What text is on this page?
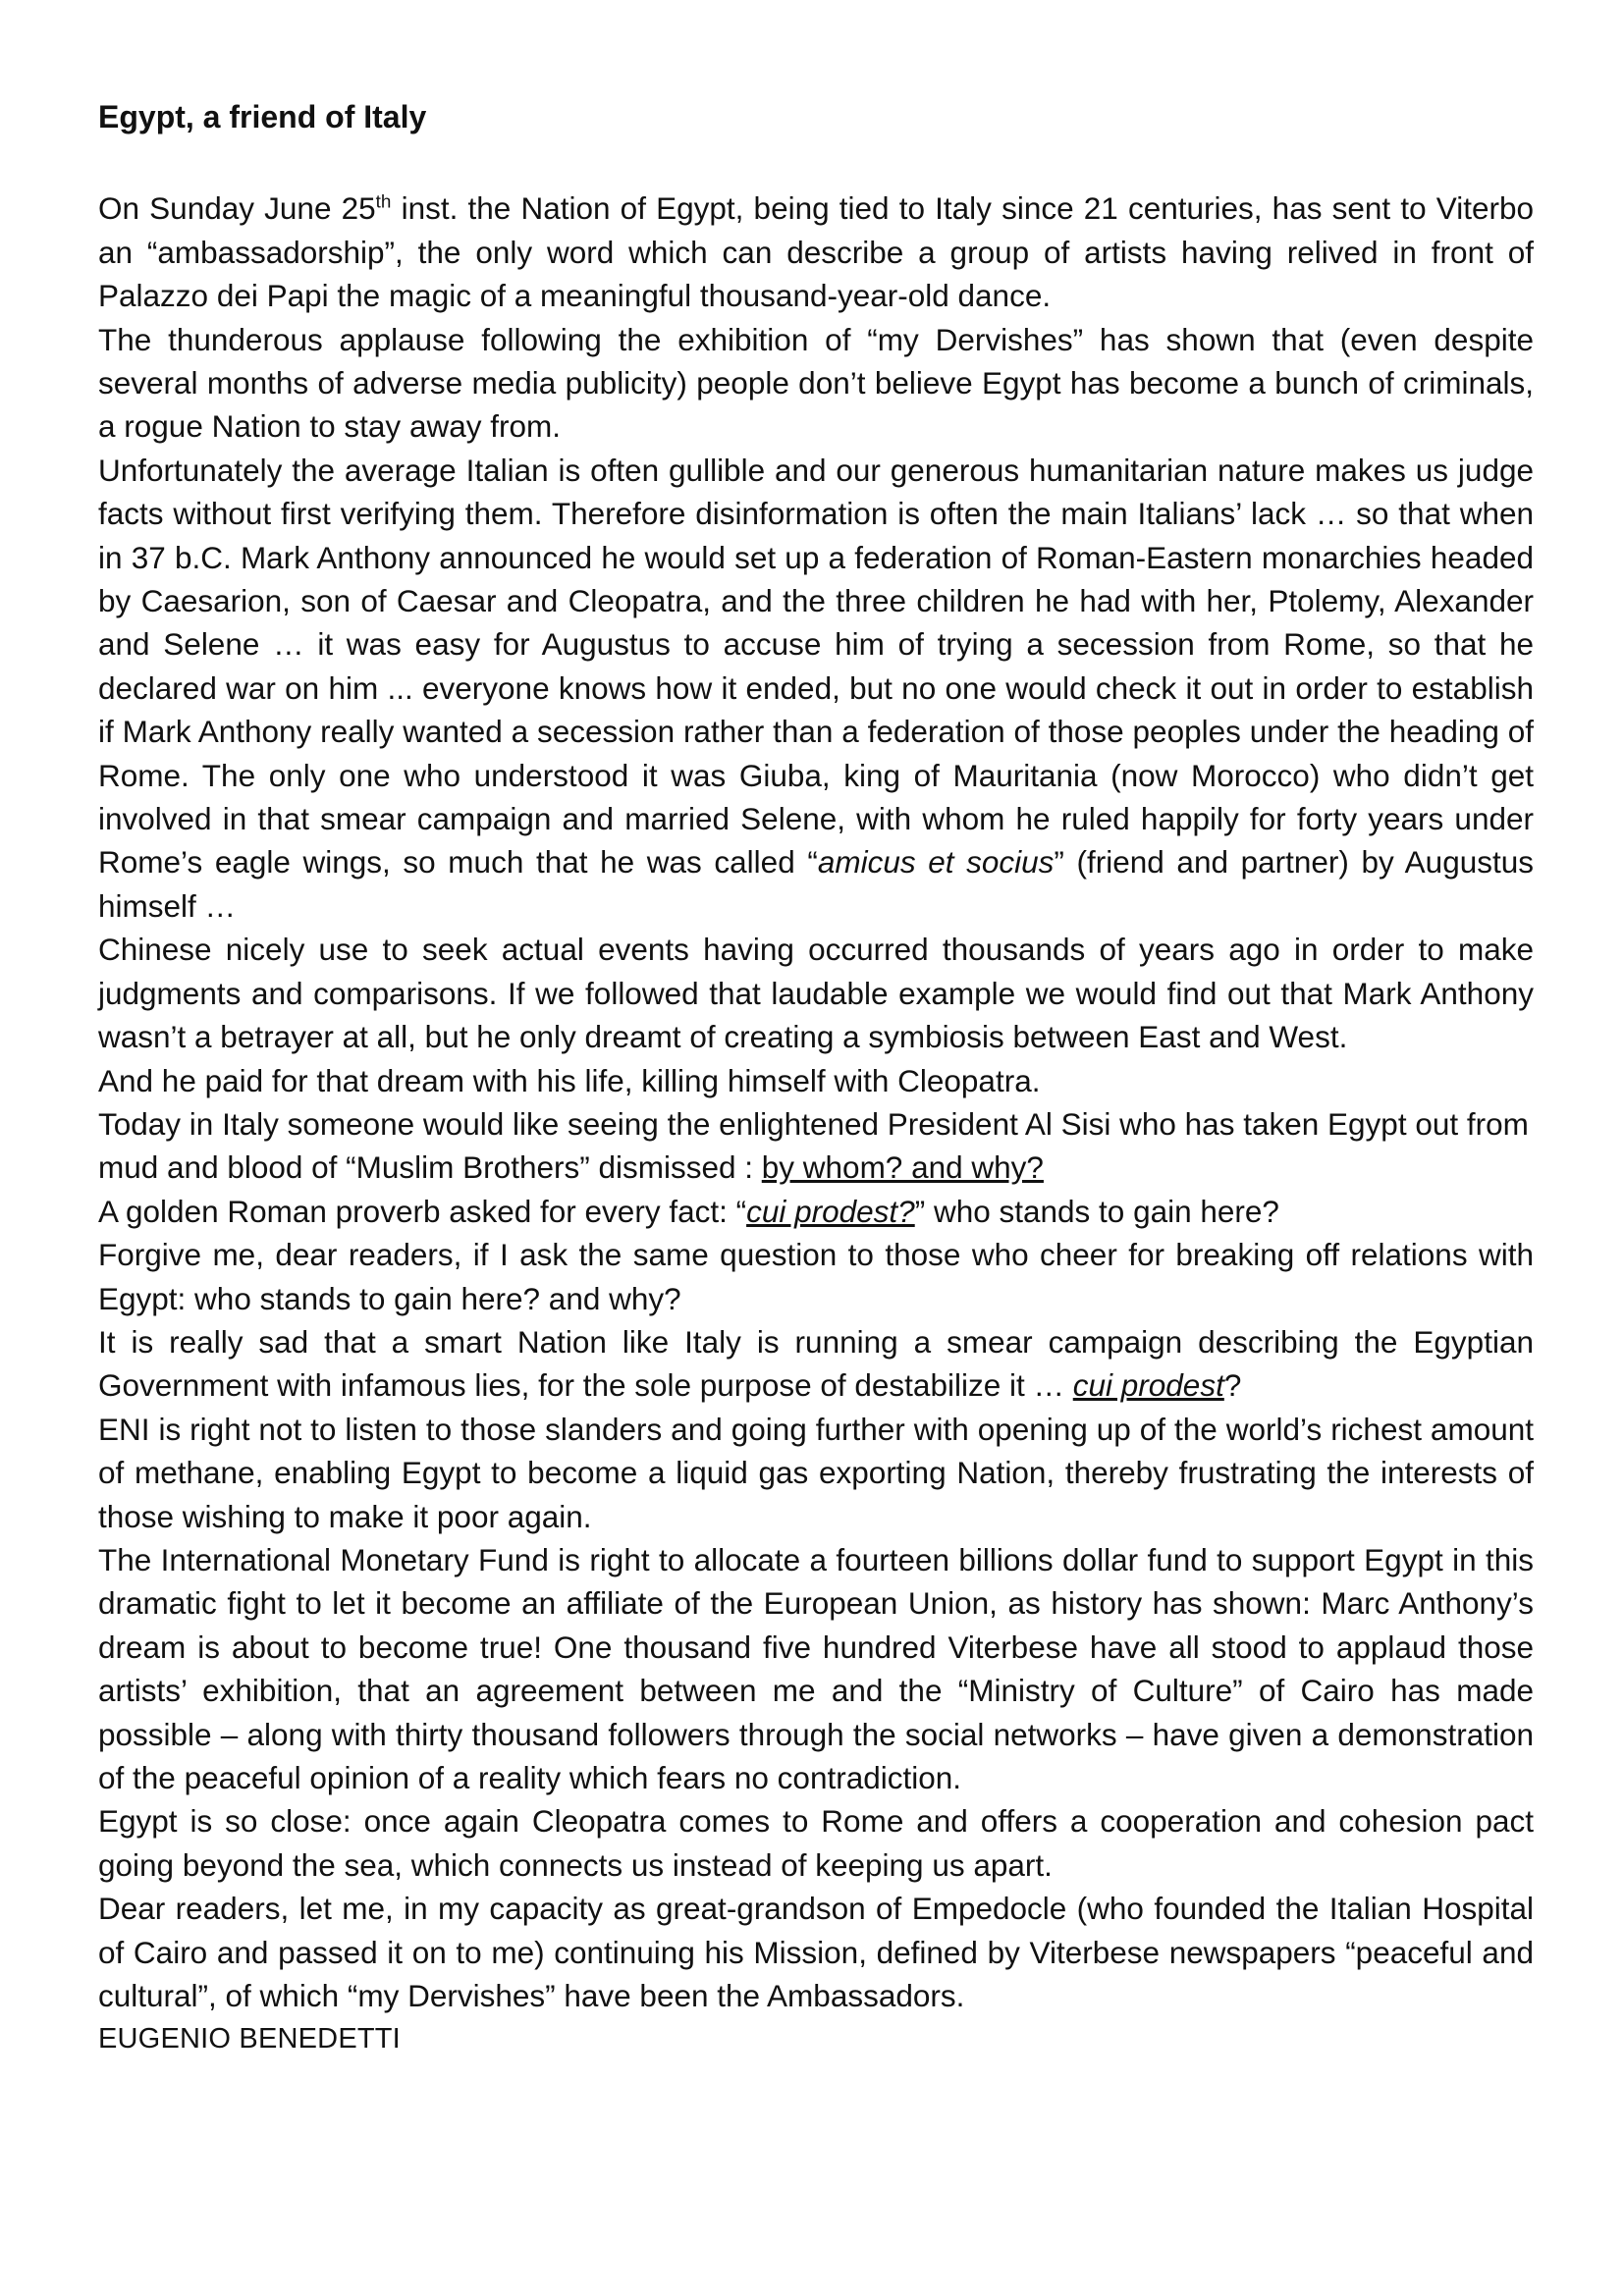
Egypt, a friend of Italy

On Sunday June 25th inst. the Nation of Egypt, being tied to Italy since 21 centuries, has sent to Viterbo an “ambassadorship”, the only word which can describe a group of artists having relived in front of Palazzo dei Papi the magic of a meaningful thousand-year-old dance.

The thunderous applause following the exhibition of “my Dervishes” has shown that (even despite several months of adverse media publicity) people don’t believe Egypt has become a bunch of criminals, a rogue Nation to stay away from.

Unfortunately the average Italian is often gullible and our generous humanitarian nature makes us judge facts without first verifying them. Therefore disinformation is often the main Italians’ lack … so that when in 37 b.C. Mark Anthony announced he would set up a federation of Roman-Eastern monarchies headed by Caesarion, son of Caesar and Cleopatra, and the three children he had with her, Ptolemy, Alexander and Selene … it was easy for Augustus to accuse him of trying a secession from Rome, so that he declared war on him ... everyone knows how it ended, but no one would check it out in order to establish if Mark Anthony really wanted a secession rather than a federation of those peoples under the heading of Rome. The only one who understood it was Giuba, king of Mauritania (now Morocco) who didn’t get involved in that smear campaign and married Selene, with whom he ruled happily for forty years under Rome’s eagle wings, so much that he was called “amicus et socius” (friend and partner) by Augustus himself …

Chinese nicely use to seek actual events having occurred thousands of years ago in order to make judgments and comparisons. If we followed that laudable example we would find out that Mark Anthony wasn’t a betrayer at all, but he only dreamt of creating a symbiosis between East and West.

And he paid for that dream with his life, killing himself with Cleopatra.

Today in Italy someone would like seeing the enlightened President Al Sisi who has taken Egypt out from mud and blood of “Muslim Brothers” dismissed : by whom? and why?

A golden Roman proverb asked for every fact: “cui prodest?” who stands to gain here?

Forgive me, dear readers, if I ask the same question to those who cheer for breaking off relations with Egypt: who stands to gain here? and why?

It is really sad that a smart Nation like Italy is running a smear campaign describing the Egyptian Government with infamous lies, for the sole purpose of destabilize it … cui prodest?

ENI is right not to listen to those slanders and going further with opening up of the world’s richest amount of methane, enabling Egypt to become a liquid gas exporting Nation, thereby frustrating the interests of those wishing to make it poor again.

The International Monetary Fund is right to allocate a fourteen billions dollar fund to support Egypt in this dramatic fight to let it become an affiliate of the European Union, as history has shown: Marc Anthony’s dream is about to become true! One thousand five hundred Viterbese have all stood to applaud those artists’ exhibition, that an agreement between me and the “Ministry of Culture” of Cairo has made possible – along with thirty thousand followers through the social networks – have given a demonstration of the peaceful opinion of a reality which fears no contradiction.

Egypt is so close: once again Cleopatra comes to Rome and offers a cooperation and cohesion pact going beyond the sea, which connects us instead of keeping us apart.

Dear readers, let me, in my capacity as great-grandson of Empedocle (who founded the Italian Hospital of Cairo and passed it on to me) continuing his Mission, defined by Viterbese newspapers “peaceful and cultural”, of which “my Dervishes” have been the Ambassadors.

EUGENIO BENEDETTI
